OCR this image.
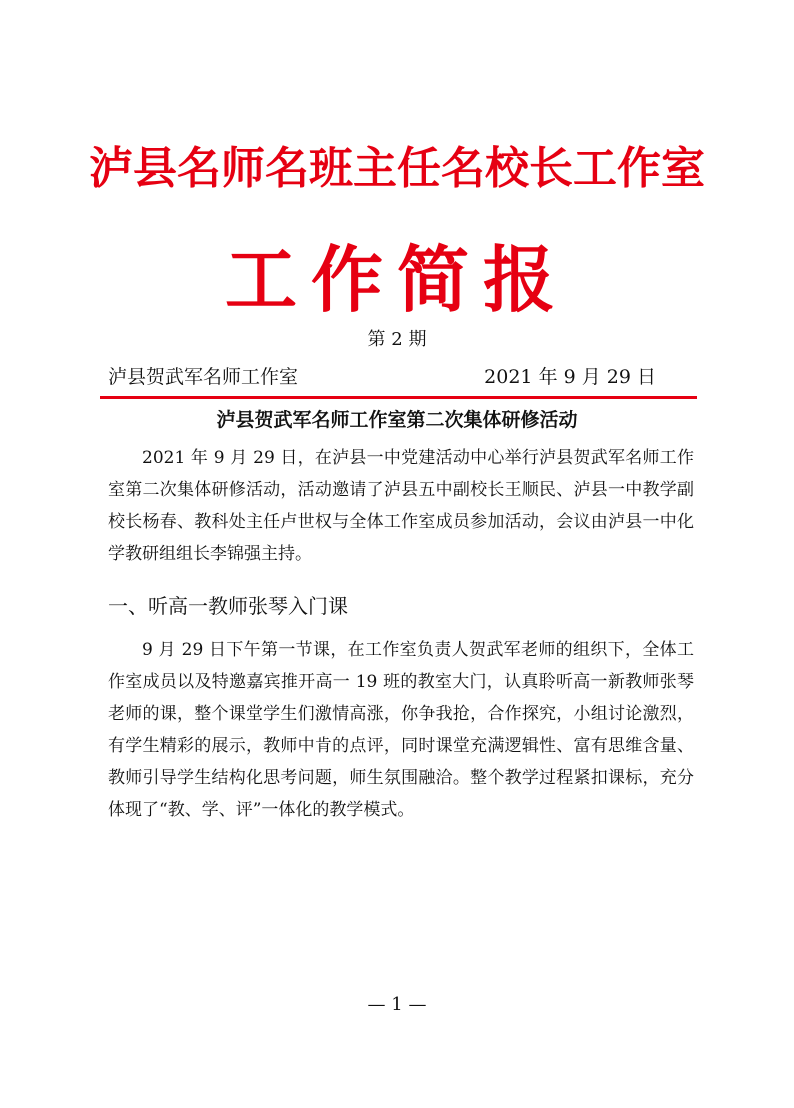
泸县名师名班主任名校长工作室
工作简报
第 2 期
泸县贺武军名师工作室	2021 年 9 月 29 日
泸县贺武军名师工作室第二次集体研修活动
2021 年 9 月 29 日，在泸县一中党建活动中心举行泸县贺武军名师工作室第二次集体研修活动，活动邀请了泸县五中副校长王顺民、泸县一中教学副校长杨春、教科处主任卢世权与全体工作室成员参加活动，会议由泸县一中化学教研组组长李锦强主持。
一、听高一教师张琴入门课
9 月 29 日下午第一节课，在工作室负责人贺武军老师的组织下，全体工作室成员以及特邀嘉宾推开高一 19 班的教室大门，认真聆听高一新教师张琴老师的课，整个课堂学生们激情高涨，你争我抢，合作探究，小组讨论激烈，有学生精彩的展示，教师中肯的点评，同时课堂充满逻辑性、富有思维含量、教师引导学生结构化思考问题，师生氛围融洽。整个教学过程紧扣课标，充分体现了“教、学、评”一体化的教学模式。
— 1 —
